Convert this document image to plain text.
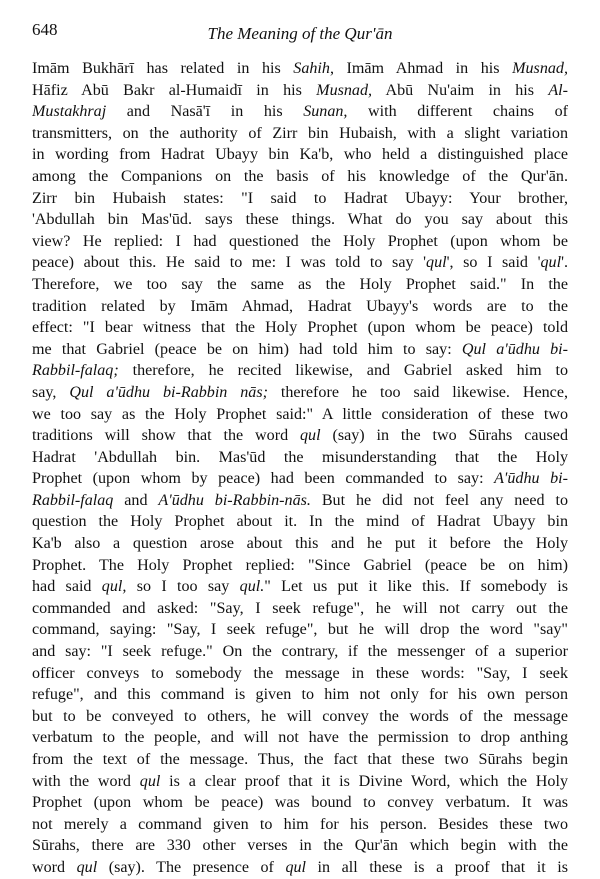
648	The Meaning of the Qur'ān
Imām Bukhārī has related in his Sahih, Imām Ahmad in his Musnad,
Hāfiz Abū Bakr al-Humaidī in his Musnad, Abū Nu'aim in his Al-
Mustakhraj and Nasā'ī in his Sunan, with different chains of
transmitters, on the authority of Zirr bin Hubaish, with a slight variation
in wording from Hadrat Ubayy bin Ka'b, who held a distinguished place
among the Companions on the basis of his knowledge of the Qur'ān.
Zirr bin Hubaish states: "I said to Hadrat Ubayy: Your brother,
'Abdullah bin Mas'ūd. says these things. What do you say about this
view? He replied: I had questioned the Holy Prophet (upon whom be
peace) about this. He said to me: I was told to say 'qul', so I said 'qul'.
Therefore, we too say the same as the Holy Prophet said." In the
tradition related by Imām Ahmad, Hadrat Ubayy's words are to the
effect: "I bear witness that the Holy Prophet (upon whom be peace) told
me that Gabriel (peace be on him) had told him to say: Qul a'ūdhu bi-
Rabbil-falaq; therefore, he recited likewise, and Gabriel asked him to
say, Qul a'ūdhu bi-Rabbin nās; therefore he too said likewise. Hence,
we too say as the Holy Prophet said:" A little consideration of these two
traditions will show that the word qul (say) in the two Sūrahs caused
Hadrat 'Abdullah bin. Mas'ūd the misunderstanding that the Holy
Prophet (upon whom by peace) had been commanded to say: A'ūdhu bi-
Rabbil-falaq and A'ūdhu bi-Rabbin-nās. But he did not feel any need to
question the Holy Prophet about it. In the mind of Hadrat Ubayy bin
Ka'b also a question arose about this and he put it before the Holy
Prophet. The Holy Prophet replied: "Since Gabriel (peace be on him)
had said qul, so I too say qul." Let us put it like this. If somebody is
commanded and asked: "Say, I seek refuge", he will not carry out the
command, saying: "Say, I seek refuge", but he will drop the word "say"
and say: "I seek refuge." On the contrary, if the messenger of a superior
officer conveys to somebody the message in these words: "Say, I seek
refuge", and this command is given to him not only for his own person
but to be conveyed to others, he will convey the words of the message
verbatum to the people, and will not have the permission to drop anthing
from the text of the message. Thus, the fact that these two Sūrahs begin
with the word qul is a clear proof that it is Divine Word, which the Holy
Prophet (upon whom be peace) was bound to convey verbatum. It was
not merely a command given to him for his person. Besides these two
Sūrahs, there are 330 other verses in the Qur'ān which begin with the
word qul (say). The presence of qul in all these is a proof that it is
